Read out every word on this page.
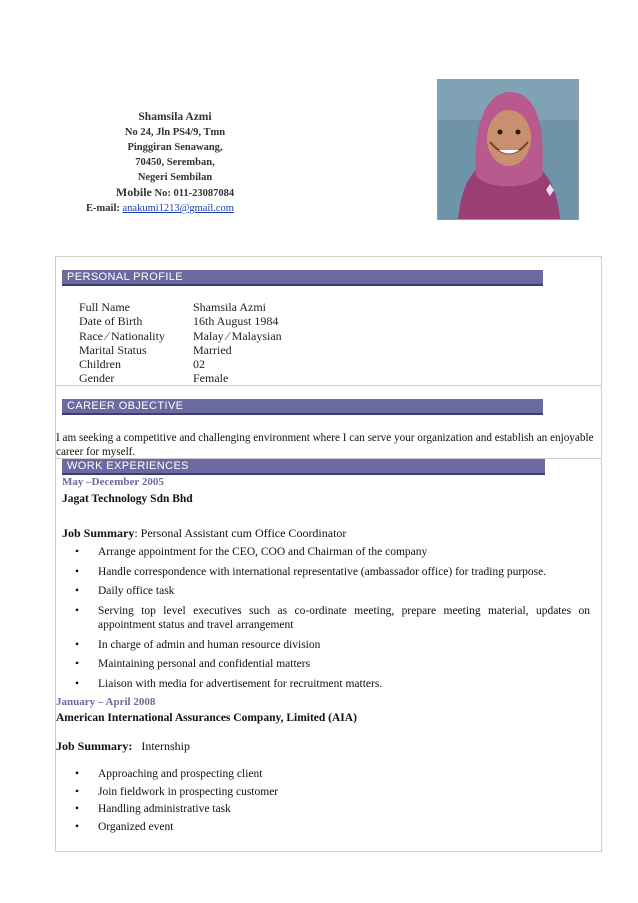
Shamsila Azmi
No 24, Jln PS4/9, Tmn
Pinggiran Senawang,
70450, Seremban,
Negeri Sembilan
Mobile No: 011-23087084
E-mail: anakumi1213@gmail.com
PERSONAL PROFILE
CAREER OBJECTIVE
WORK EXPERIENCES
Full Name	Shamsila Azmi
Date of Birth	16th August 1984
Race ∕ Nationality	Malay ∕ Malaysian
Marital Status	Married
Children	02
Gender	Female
I am seeking a competitive and challenging environment where I can serve your organization and establish an enjoyable career for myself.
May –December 2005
Jagat Technology Sdn Bhd
Job Summary: Personal Assistant cum Office Coordinator
•	Arrange appointment for the CEO, COO and Chairman of the company
•	Handle correspondence with international representative (ambassador office) for trading purpose.
•	Daily office task
•	Serving top level executives such as co-ordinate meeting, prepare meeting material, updates on appointment status and travel arrangement
•	In charge of admin and human resource division
•	Maintaining personal and confidential matters
•	Liaison with media for advertisement for recruitment matters.
January – April 2008
American International Assurances Company, Limited (AIA)
Job Summary: Internship
•	Approaching and prospecting client
•	Join fieldwork in prospecting customer
•	Handling administrative task
•	Organized event
